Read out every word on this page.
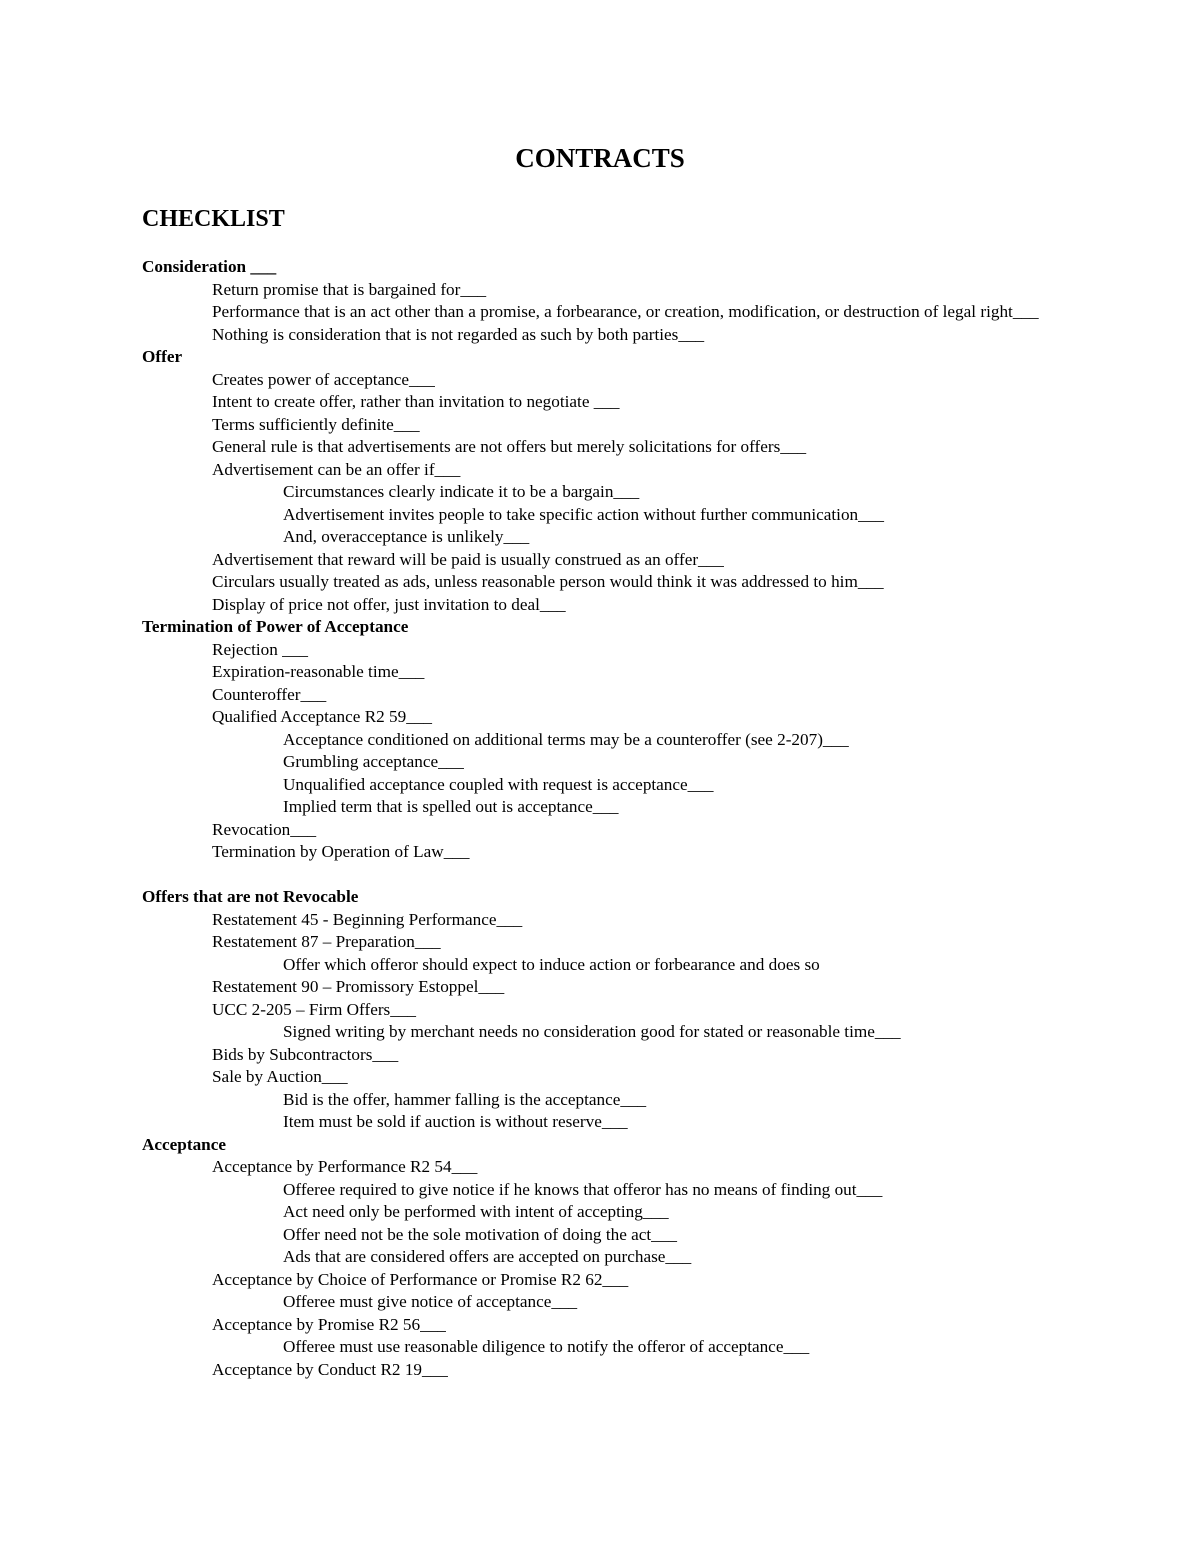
CONTRACTS
CHECKLIST
Consideration ___
Return promise that is bargained for___
Performance that is an act other than a promise, a forbearance, or creation, modification, or destruction of legal right___
Nothing is consideration that is not regarded as such by both parties___
Offer
Creates power of acceptance___
Intent to create offer, rather than invitation to negotiate ___
Terms sufficiently definite___
General rule is that advertisements are not offers but merely solicitations for offers___
Advertisement can be an offer if___
Circumstances clearly indicate it to be a bargain___
Advertisement invites people to take specific action without further communication___
And, overacceptance is unlikely___
Advertisement that reward will be paid is usually construed as an offer___
Circulars usually treated as ads, unless reasonable person would think it was addressed to him___
Display of price not offer, just invitation to deal___
Termination of Power of Acceptance
Rejection ___
Expiration-reasonable time___
Counteroffer___
Qualified Acceptance R2 59___
Acceptance conditioned on additional terms may be a counteroffer (see 2-207)___
Grumbling acceptance___
Unqualified acceptance coupled with request is acceptance___
Implied term that is spelled out is acceptance___
Revocation___
Termination by Operation of Law___
Offers that are not Revocable
Restatement 45 - Beginning Performance___
Restatement 87 – Preparation___
Offer which offeror should expect to induce action or forbearance and does so
Restatement 90 – Promissory Estoppel___
UCC 2-205 – Firm Offers___
Signed writing by merchant needs no consideration good for stated or reasonable time___
Bids by Subcontractors___
Sale by Auction___
Bid is the offer, hammer falling is the acceptance___
Item must be sold if auction is without reserve___
Acceptance
Acceptance by Performance R2 54___
Offeree required to give notice if he knows that offeror has no means of finding out___
Act need only be performed with intent of accepting___
Offer need not be the sole motivation of doing the act___
Ads that are considered offers are accepted on purchase___
Acceptance by Choice of Performance or Promise R2 62___
Offeree must give notice of acceptance___
Acceptance by Promise R2 56___
Offeree must use reasonable diligence to notify the offeror of acceptance___
Acceptance by Conduct R2 19___
